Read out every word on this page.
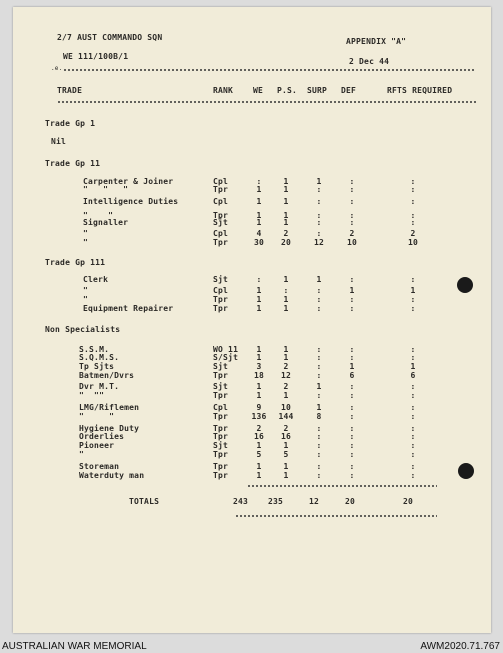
2/7 AUST COMMANDO SQN	APPENDIX "A"
WE 111/100B/1
2 Dec 44
.e.
TRADE	RANK WE P.S. SURP DEF	RFTS REQUIRED
Trade Gp 1
Nil
Trade Gp 11
Carpenter & Joiner	Cpl	:	1	1	:	:
"   "   "	Tpr	1	1	:	:	:
Intelligence Duties	Cpl	1	1	:	:	:
"    "	Tpr	1	1	:	:	:
Signaller	Sjt	1	1	:	:	:
"	Cpl	4	2	:	2	2
"	Tpr	30	20	12	10	10
Trade Gp 111
Clerk	Sjt	:	1	1	:	:
"	Cpl	1	:	:	1	1
"	Tpr	1	1	:	:	:
Equipment Repairer	Tpr	1	1	:	:	:
Non Specialists
S.S.M.	WO 11	1	1	:	:	:
S.Q.M.S.	S/Sjt	1	1	:	:	:
Tp Sjts	Sjt	3	2	:	1	1
Batmen/Dvrs	Tpr	18	12	:	6	6
Dvr M.T.	Sjt	1	2	1	:	:
"  ""	Tpr	1	1	:	:	:
LMG/Riflemen	Cpl	9	10	1	:	:
"     "	Tpr	136	144	8	:	:
Hygiene Duty	Tpr	2	2	:	:	:
Orderlies	Tpr	16	16	:	:	:
Pioneer	Sjt	1	1	:	:	:
"	Tpr	5	5	:	:	:
Storeman	Tpr	1	1	:	:	:
Waterduty man	Tpr	1	1	:	:	:
TOTALS	243 235	12	20	20
AUSTRALIAN WAR MEMORIAL	AWM2020.71.767
